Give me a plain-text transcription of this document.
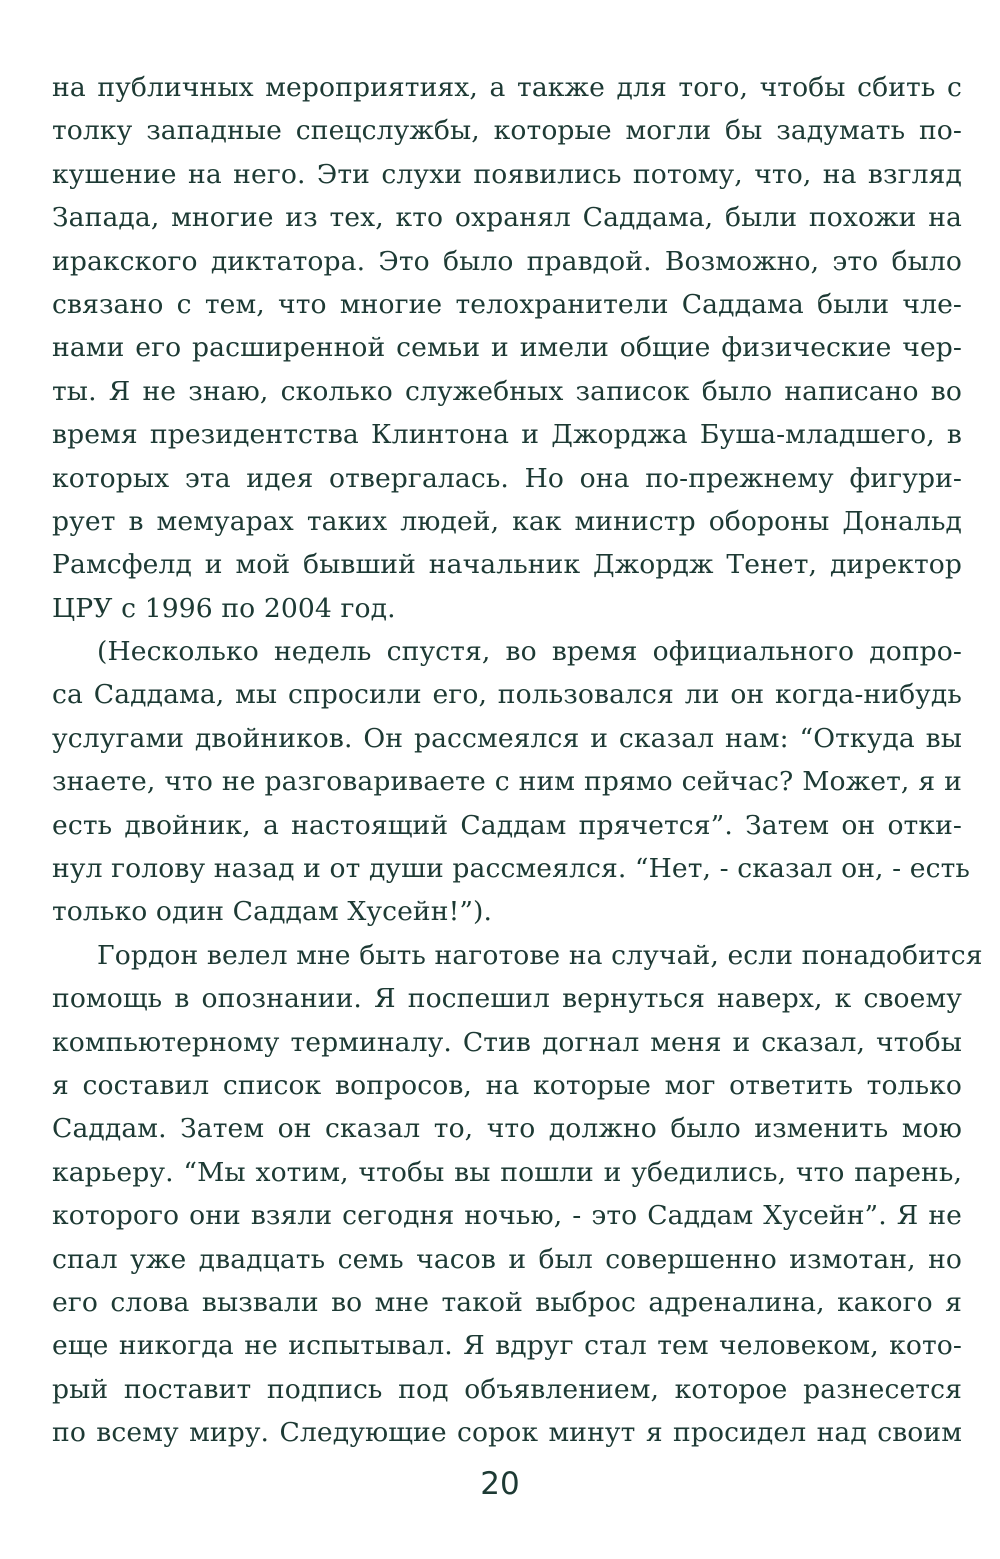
на публичных мероприятиях, а также для того, чтобы сбить с
толку западные спецслужбы, которые могли бы задумать по-
кушение на него. Эти слухи появились потому, что, на взгляд
Запада, многие из тех, кто охранял Саддама, были похожи на
иракского диктатора. Это было правдой. Возможно, это было
связано с тем, что многие телохранители Саддама были чле-
нами его расширенной семьи и имели общие физические чер-
ты. Я не знаю, сколько служебных записок было написано во
время президентства Клинтона и Джорджа Буша-младшего, в
которых эта идея отвергалась. Но она по-прежнему фигури-
рует в мемуарах таких людей, как министр обороны Дональд
Рамсфелд и мой бывший начальник Джордж Тенет, директор
ЦРУ с 1996 по 2004 год.
(Несколько недель спустя, во время официального допро-
са Саддама, мы спросили его, пользовался ли он когда-нибудь
услугами двойников. Он рассмеялся и сказал нам: “Откуда вы
знаете, что не разговариваете с ним прямо сейчас? Может, я и
есть двойник, а настоящий Саддам прячется”. Затем он отки-
нул голову назад и от души рассмеялся. “Нет, - сказал он, - есть
только один Саддам Хусейн!”).
Гордон велел мне быть наготове на случай, если понадобится
помощь в опознании. Я поспешил вернуться наверх, к своему
компьютерному терминалу. Стив догнал меня и сказал, чтобы
я составил список вопросов, на которые мог ответить только
Саддам. Затем он сказал то, что должно было изменить мою
карьеру. “Мы хотим, чтобы вы пошли и убедились, что парень,
которого они взяли сегодня ночью, - это Саддам Хусейн”. Я не
спал уже двадцать семь часов и был совершенно измотан, но
его слова вызвали во мне такой выброс адреналина, какого я
еще никогда не испытывал. Я вдруг стал тем человеком, кото-
рый поставит подпись под объявлением, которое разнесется
по всему миру. Следующие сорок минут я просидел над своим
20
